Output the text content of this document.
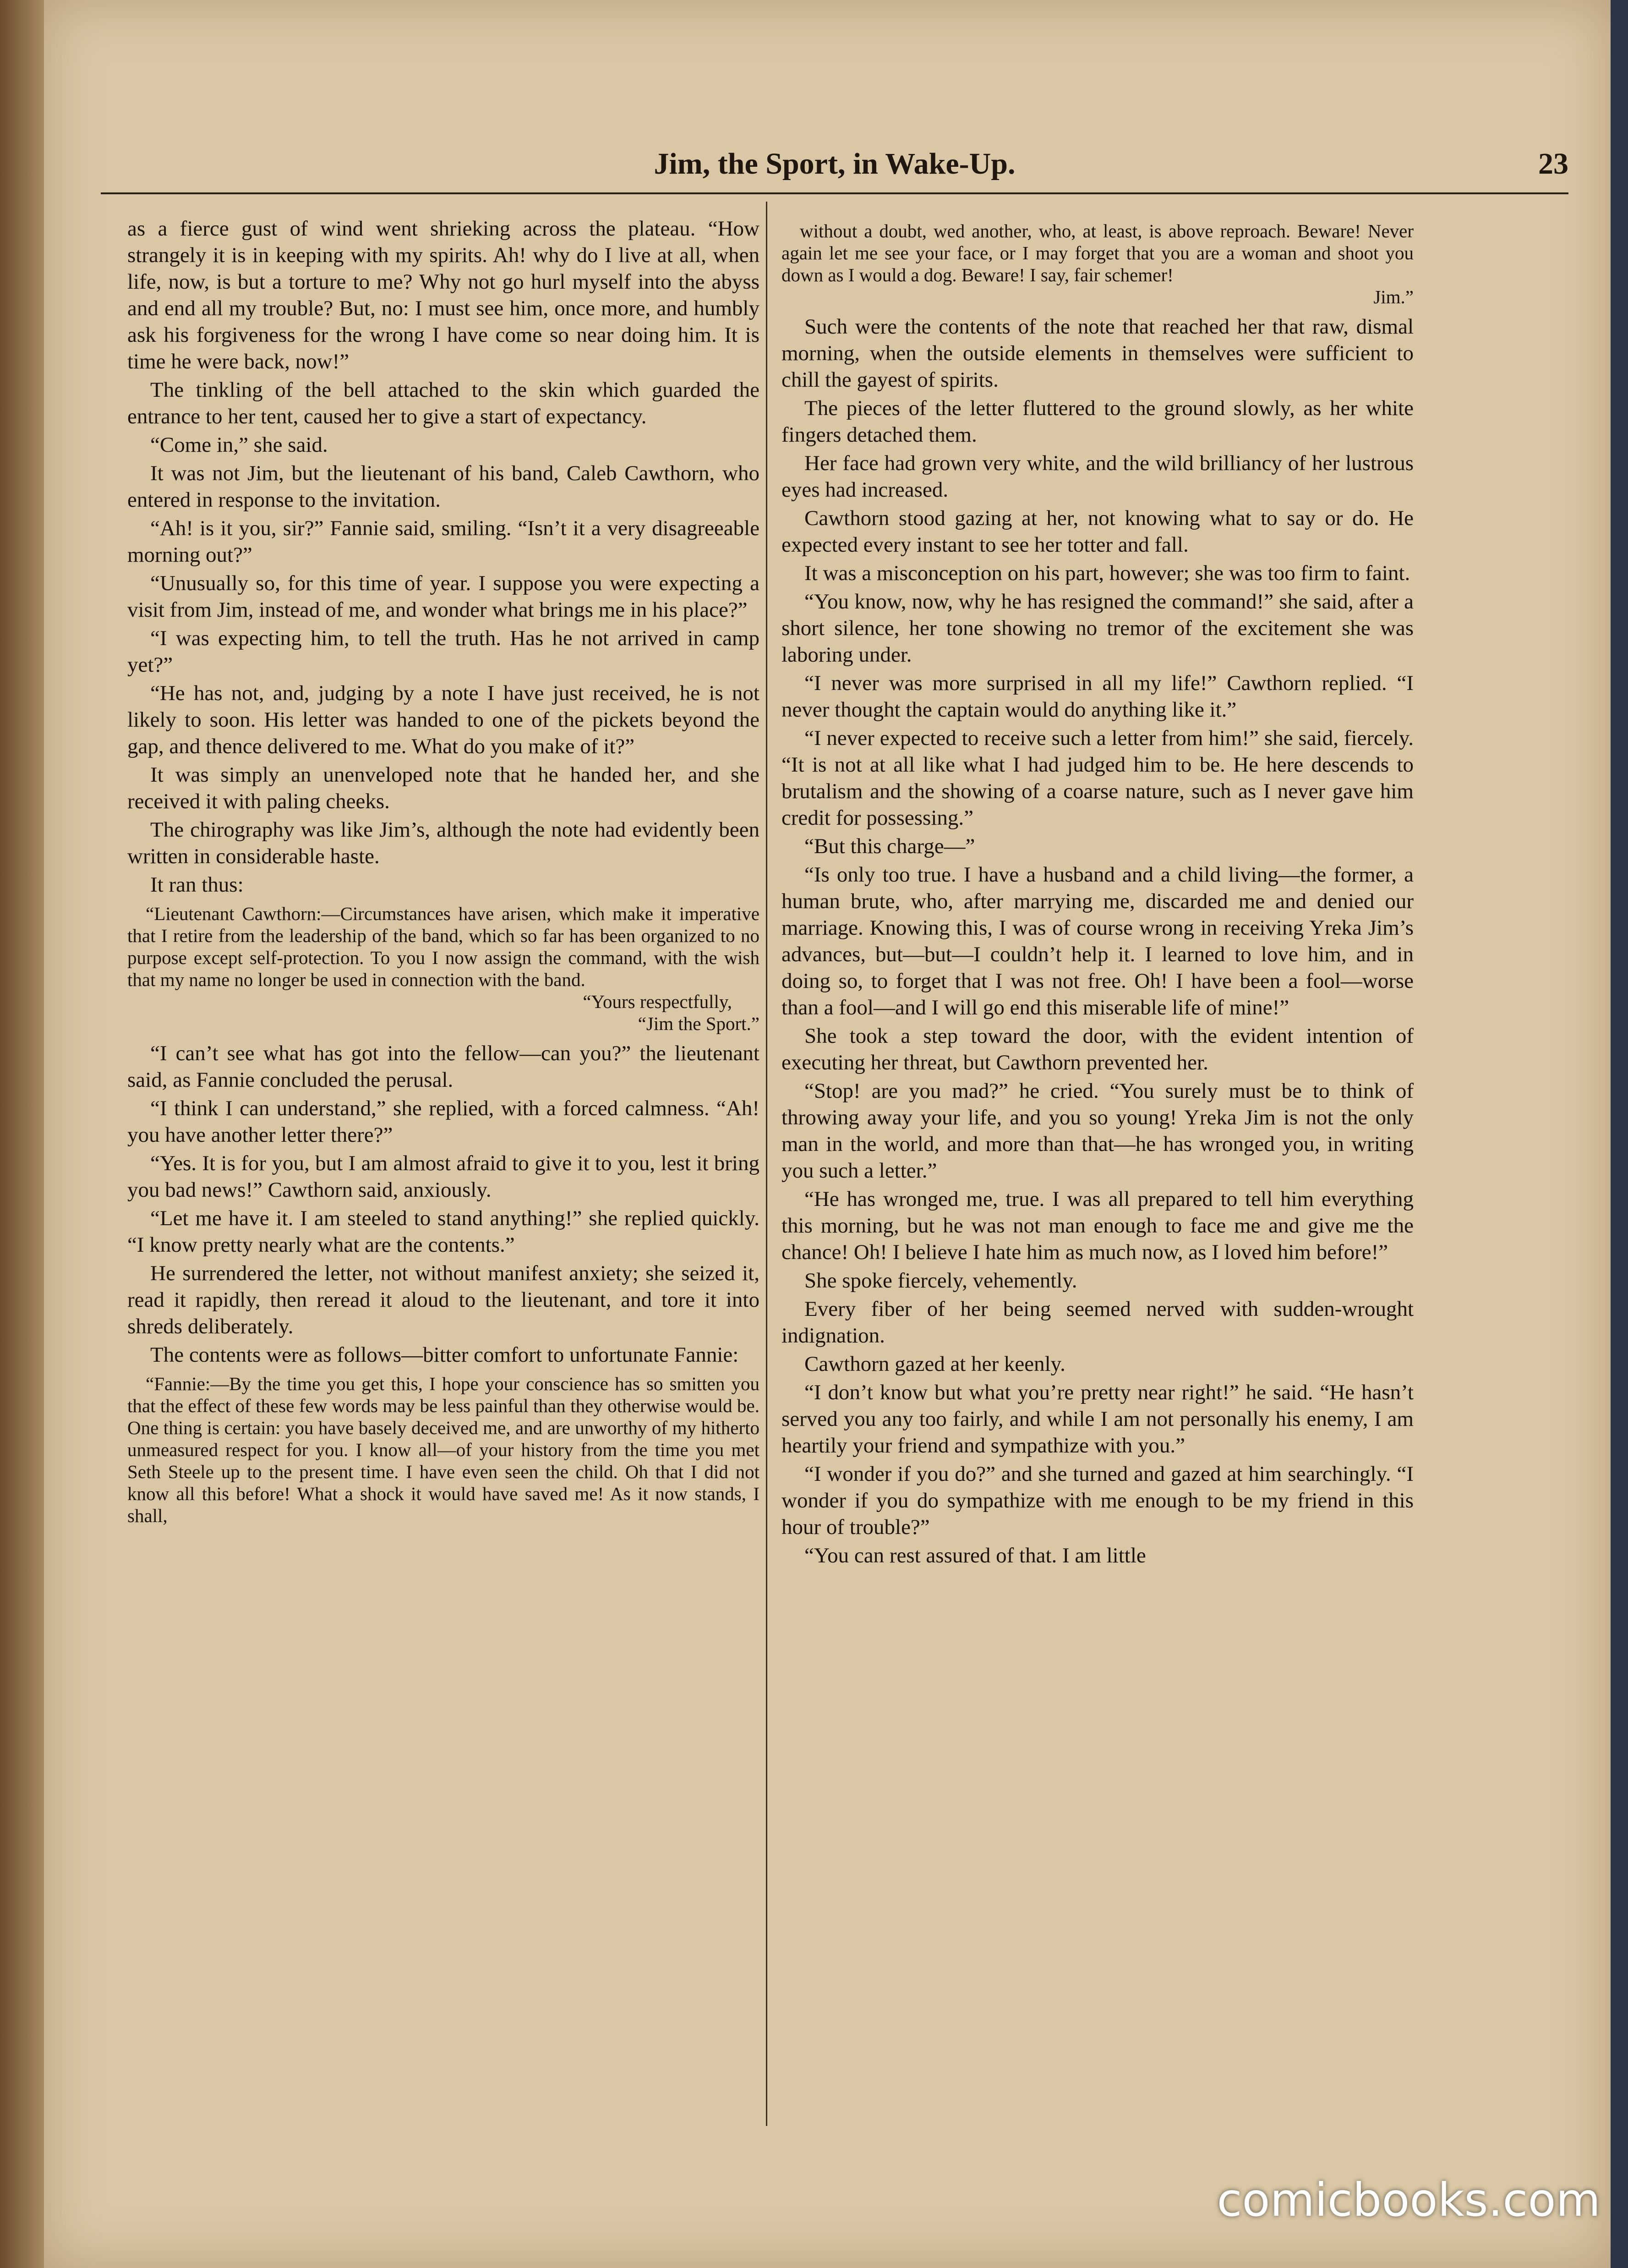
Jim, the Sport, in Wake-Up.	23

as a fierce gust of wind went shrieking across the plateau. “How strangely it is in keeping with my spirits. Ah! why do I live at all, when life, now, is but a torture to me? Why not go hurl myself into the abyss and end all my trouble? But, no: I must see him, once more, and humbly ask his forgiveness for the wrong I have come so near doing him. It is time he were back, now!”

The tinkling of the bell attached to the skin which guarded the entrance to her tent, caused her to give a start of expectancy.

“Come in,” she said.

It was not Jim, but the lieutenant of his band, Caleb Cawthorn, who entered in response to the invitation.

“Ah! is it you, sir?” Fannie said, smiling. “Isn’t it a very disagreeable morning out?”

“Unusually so, for this time of year. I suppose you were expecting a visit from Jim, instead of me, and wonder what brings me in his place?”

“I was expecting him, to tell the truth. Has he not arrived in camp yet?”

“He has not, and, judging by a note I have just received, he is not likely to soon. His letter was handed to one of the pickets beyond the gap, and thence delivered to me. What do you make of it?”

It was simply an unenveloped note that he handed her, and she received it with paling cheeks.

The chirography was like Jim’s, although the note had evidently been written in considerable haste.

It ran thus:

“Lieutenant Cawthorn:—Circumstances have arisen, which make it imperative that I retire from the leadership of the band, which so far has been organized to no purpose except self-protection. To you I now assign the command, with the wish that my name no longer be used in connection with the band.

“Yours respectfully,
“Jim the Sport.”

“I can’t see what has got into the fellow—can you?” the lieutenant said, as Fannie concluded the perusal.

“I think I can understand,” she replied, with a forced calmness. “Ah! you have another letter there?”

“Yes. It is for you, but I am almost afraid to give it to you, lest it bring you bad news!” Cawthorn said, anxiously.

“Let me have it. I am steeled to stand anything!” she replied quickly. “I know pretty nearly what are the contents.”

He surrendered the letter, not without manifest anxiety; she seized it, read it rapidly, then reread it aloud to the lieutenant, and tore it into shreds deliberately.

The contents were as follows—bitter comfort to unfortunate Fannie:

“Fannie:—By the time you get this, I hope your conscience has so smitten you that the effect of these few words may be less painful than they otherwise would be. One thing is certain: you have basely deceived me, and are unworthy of my hitherto unmeasured respect for you. I know all—of your history from the time you met Seth Steele up to the present time. I have even seen the child. Oh that I did not know all this before! What a shock it would have saved me! As it now stands, I shall,

without a doubt, wed another, who, at least, is above reproach. Beware! Never again let me see your face, or I may forget that you are a woman and shoot you down as I would a dog. Beware! I say, fair schemer!

Jim.”

Such were the contents of the note that reached her that raw, dismal morning, when the outside elements in themselves were sufficient to chill the gayest of spirits.

The pieces of the letter fluttered to the ground slowly, as her white fingers detached them.

Her face had grown very white, and the wild brilliancy of her lustrous eyes had increased.

Cawthorn stood gazing at her, not knowing what to say or do. He expected every instant to see her totter and fall.

It was a misconception on his part, however; she was too firm to faint.

“You know, now, why he has resigned the command!” she said, after a short silence, her tone showing no tremor of the excitement she was laboring under.

“I never was more surprised in all my life!” Cawthorn replied. “I never thought the captain would do anything like it.”

“I never expected to receive such a letter from him!” she said, fiercely. “It is not at all like what I had judged him to be. He here descends to brutalism and the showing of a coarse nature, such as I never gave him credit for possessing.”

“But this charge—”

“Is only too true. I have a husband and a child living—the former, a human brute, who, after marrying me, discarded me and denied our marriage. Knowing this, I was of course wrong in receiving Yreka Jim’s advances, but—but—I couldn’t help it. I learned to love him, and in doing so, to forget that I was not free. Oh! I have been a fool—worse than a fool—and I will go end this miserable life of mine!”

She took a step toward the door, with the evident intention of executing her threat, but Cawthorn prevented her.

“Stop! are you mad?” he cried. “You surely must be to think of throwing away your life, and you so young! Yreka Jim is not the only man in the world, and more than that—he has wronged you, in writing you such a letter.”

“He has wronged me, true. I was all prepared to tell him everything this morning, but he was not man enough to face me and give me the chance! Oh! I believe I hate him as much now, as I loved him before!”

She spoke fiercely, vehemently.

Every fiber of her being seemed nerved with sudden-wrought indignation.

Cawthorn gazed at her keenly.

“I don’t know but what you’re pretty near right!” he said. “He hasn’t served you any too fairly, and while I am not personally his enemy, I am heartily your friend and sympathize with you.”

“I wonder if you do?” and she turned and gazed at him searchingly. “I wonder if you do sympathize with me enough to be my friend in this hour of trouble?”

“You can rest assured of that. I am little

comicbooks.com
